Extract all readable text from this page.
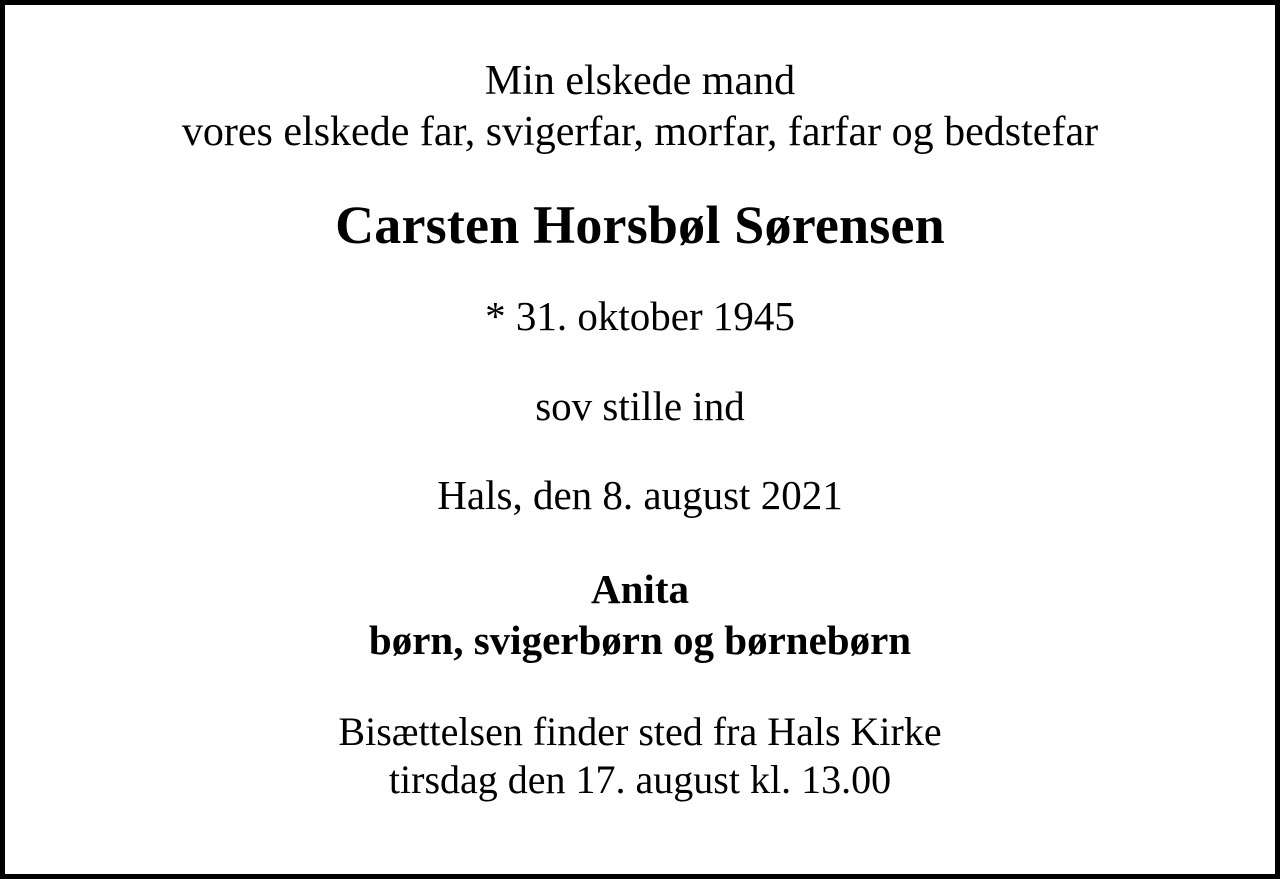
Min elskede mand
vores elskede far, svigerfar, morfar, farfar og bedstefar
Carsten Horsbøl Sørensen
* 31. oktober 1945
sov stille ind
Hals, den 8. august 2021
Anita
børn, svigerbørn og børnebørn
Bisættelsen finder sted fra Hals Kirke
tirsdag den 17. august kl. 13.00
